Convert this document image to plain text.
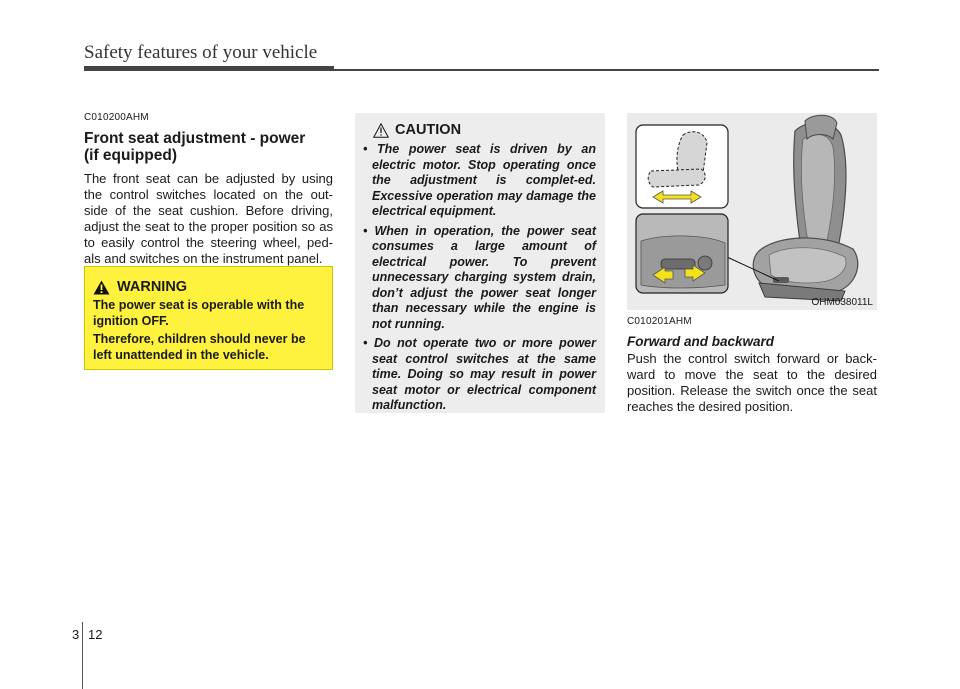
Safety features of your vehicle
C010200AHM
Front seat adjustment - power
(if equipped)
The front seat can be adjusted by using the control switches located on the out-side of the seat cushion. Before driving, adjust the seat to the proper position so as to easily control the steering wheel, ped-als and switches on the instrument panel.
WARNING
The power seat is operable with the ignition OFF.
Therefore, children should never be left unattended in the vehicle.
CAUTION
• The power seat is driven by an electric motor. Stop operating once the adjustment is complet-ed. Excessive operation may damage the electrical equipment.
• When in operation, the power seat consumes a large amount of electrical power. To prevent unnecessary charging system drain, don’t adjust the power seat longer than necessary while the engine is not running.
• Do not operate two or more power seat control switches at the same time. Doing so may result in power seat motor or electrical component malfunction.
OHM038011L
C010201AHM
Forward and backward
Push the control switch forward or back-ward to move the seat to the desired position. Release the switch once the seat reaches the desired position.
3 12
